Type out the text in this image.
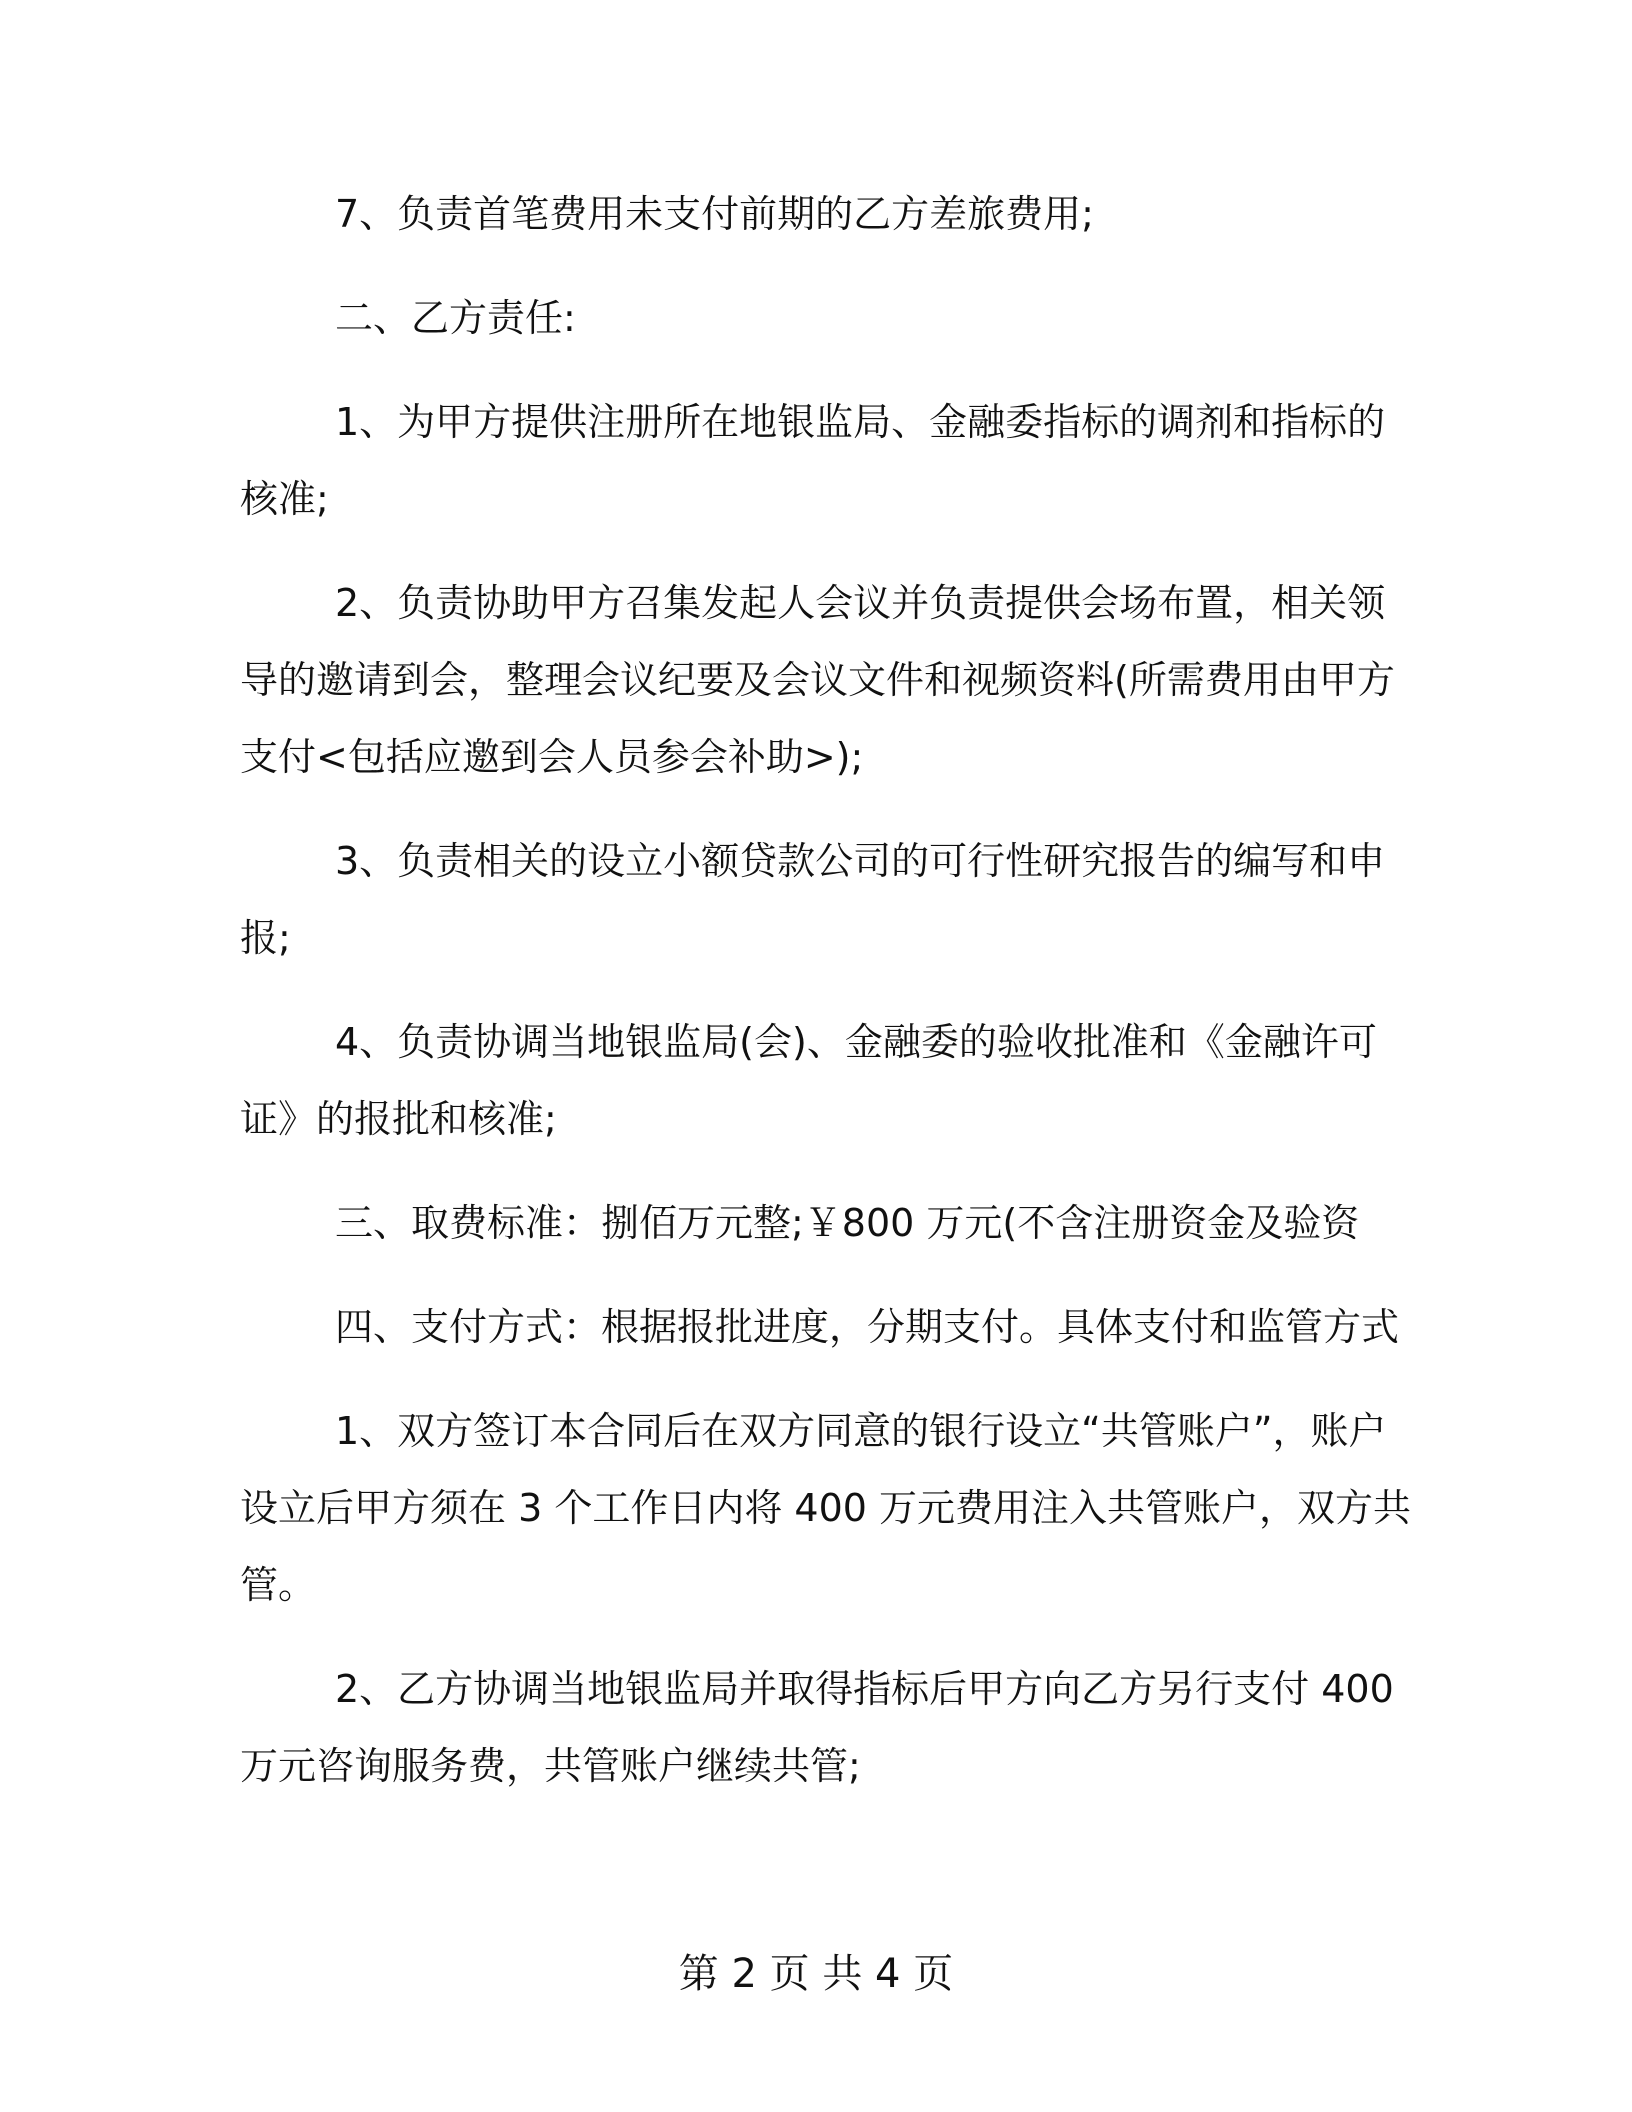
7、负责首笔费用未支付前期的乙方差旅费用;

二、乙方责任:

1、为甲方提供注册所在地银监局、金融委指标的调剂和指标的核准;

2、负责协助甲方召集发起人会议并负责提供会场布置，相关领导的邀请到会，整理会议纪要及会议文件和视频资料(所需费用由甲方支付<包括应邀到会人员参会补助>);

3、负责相关的设立小额贷款公司的可行性研究报告的编写和申报;

4、负责协调当地银监局(会)、金融委的验收批准和《金融许可证》的报批和核准;

三、取费标准：捌佰万元整;￥800 万元(不含注册资金及验资

四、支付方式：根据报批进度，分期支付。具体支付和监管方式

1、双方签订本合同后在双方同意的银行设立“共管账户”，账户设立后甲方须在 3 个工作日内将 400 万元费用注入共管账户，双方共管。

2、乙方协调当地银监局并取得指标后甲方向乙方另行支付 400 万元咨询服务费，共管账户继续共管;

第 2 页 共 4 页
